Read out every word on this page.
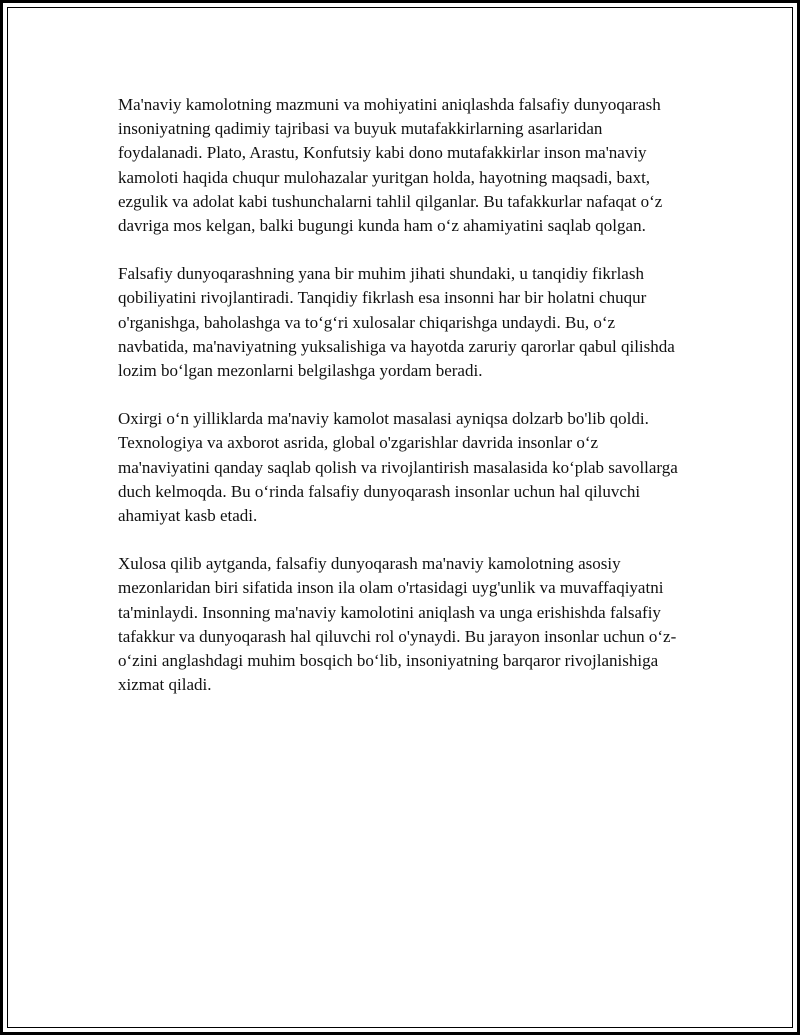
Ma'naviy kamolotning mazmuni va mohiyatini aniqlashda falsafiy dunyoqarash insoniyatning qadimiy tajribasi va buyuk mutafakkirlarning asarlaridan foydalanadi. Plato, Arastu, Konfutsiy kabi dono mutafakkirlar inson ma'naviy kamoloti haqida chuqur mulohazalar yuritgan holda, hayotning maqsadi, baxt, ezgulik va adolat kabi tushunchalarni tahlil qilganlar. Bu tafakkurlar nafaqat o‘z davriga mos kelgan, balki bugungi kunda ham o‘z ahamiyatini saqlab qolgan.

Falsafiy dunyoqarashning yana bir muhim jihati shundaki, u tanqidiy fikrlash qobiliyatini rivojlantiradi. Tanqidiy fikrlash esa insonni har bir holatni chuqur o'rganishga, baholashga va to‘g‘ri xulosalar chiqarishga undaydi. Bu, o‘z navbatida, ma'naviyatning yuksalishiga va hayotda zaruriy qarorlar qabul qilishda lozim bo‘lgan mezonlarni belgilashga yordam beradi.

Oxirgi o‘n yilliklarda ma'naviy kamolot masalasi ayniqsa dolzarb bo'lib qoldi. Texnologiya va axborot asrida, global o'zgarishlar davrida insonlar o‘z ma'naviyatini qanday saqlab qolish va rivojlantirish masalasida ko‘plab savollarga duch kelmoqda. Bu o‘rinda falsafiy dunyoqarash insonlar uchun hal qiluvchi ahamiyat kasb etadi.

Xulosa qilib aytganda, falsafiy dunyoqarash ma'naviy kamolotning asosiy mezonlaridan biri sifatida inson ila olam o'rtasidagi uyg'unlik va muvaffaqiyatni ta'minlaydi. Insonning ma'naviy kamolotini aniqlash va unga erishishda falsafiy tafakkur va dunyoqarash hal qiluvchi rol o'ynaydi. Bu jarayon insonlar uchun o‘z-o‘zini anglashdagi muhim bosqich bo‘lib, insoniyatning barqaror rivojlanishiga xizmat qiladi.
